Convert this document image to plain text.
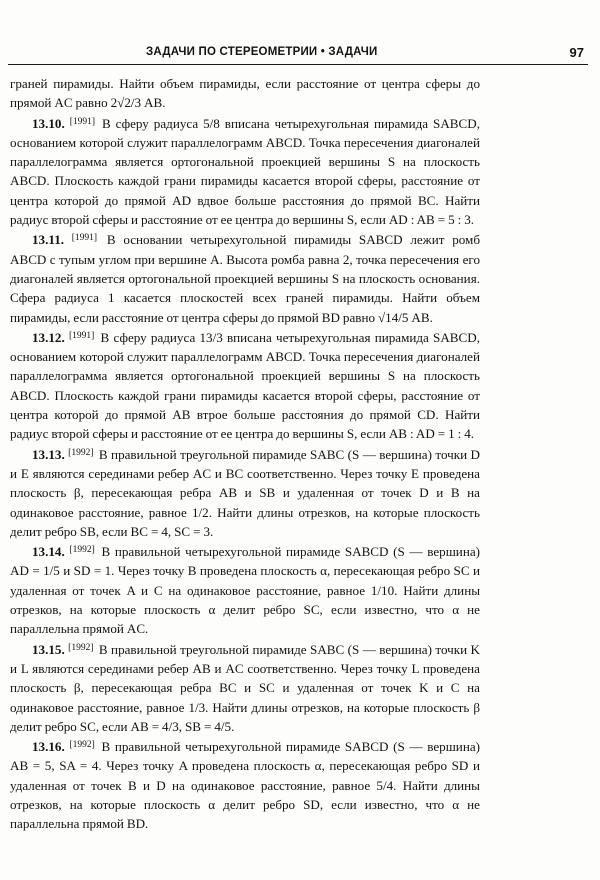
ЗАДАЧИ ПО СТЕРЕОМЕТРИИ • ЗАДАЧИ	97

граней пирамиды. Найти объем пирамиды, если расстояние от центра сферы до прямой AC равно 2√2/3 AB.

13.10. [1991] В сферу радиуса 5/8 вписана четырехугольная пирамида SABCD, основанием которой служит параллелограмм ABCD. Точка пересечения диагоналей параллелограмма является ортогональной проекцией вершины S на плоскость ABCD. Плоскость каждой грани пирамиды касается второй сферы, расстояние от центра которой до прямой AD вдвое больше расстояния до прямой BC. Найти радиус второй сферы и расстояние от ее центра до вершины S, если AD : AB = 5 : 3.

13.11. [1991] В основании четырехугольной пирамиды SABCD лежит ромб ABCD с тупым углом при вершине A. Высота ромба равна 2, точка пересечения его диагоналей является ортогональной проекцией вершины S на плоскость основания. Сфера радиуса 1 касается плоскостей всех граней пирамиды. Найти объем пирамиды, если расстояние от центра сферы до прямой BD равно √14/5 AB.

13.12. [1991] В сферу радиуса 13/3 вписана четырехугольная пирамида SABCD, основанием которой служит параллелограмм ABCD. Точка пересечения диагоналей параллелограмма является ортогональной проекцией вершины S на плоскость ABCD. Плоскость каждой грани пирамиды касается второй сферы, расстояние от центра которой до прямой AB втрое больше расстояния до прямой CD. Найти радиус второй сферы и расстояние от ее центра до вершины S, если AB : AD = 1 : 4.

13.13. [1992] В правильной треугольной пирамиде SABC (S — вершина) точки D и E являются серединами ребер AC и BC соответственно. Через точку E проведена плоскость β, пересекающая ребра AB и SB и удаленная от точек D и B на одинаковое расстояние, равное 1/2. Найти длины отрезков, на которые плоскость делит ребро SB, если BC = 4, SC = 3.

13.14. [1992] В правильной четырехугольной пирамиде SABCD (S — вершина) AD = 1/5 и SD = 1. Через точку B проведена плоскость α, пересекающая ребро SC и удаленная от точек A и C на одинаковое расстояние, равное 1/10. Найти длины отрезков, на которые плоскость α делит ребро SC, если известно, что α не параллельна прямой AC.

13.15. [1992] В правильной треугольной пирамиде SABC (S — вершина) точки K и L являются серединами ребер AB и AC соответственно. Через точку L проведена плоскость β, пересекающая ребра BC и SC и удаленная от точек K и C на одинаковое расстояние, равное 1/3. Найти длины отрезков, на которые плоскость β делит ребро SC, если AB = 4/3, SB = 4/5.

13.16. [1992] В правильной четырехугольной пирамиде SABCD (S — вершина) AB = 5, SA = 4. Через точку A проведена плоскость α, пересекающая ребро SD и удаленная от точек B и D на одинаковое расстояние, равное 5/4. Найти длины отрезков, на которые плоскость α делит ребро SD, если известно, что α не параллельна прямой BD.
